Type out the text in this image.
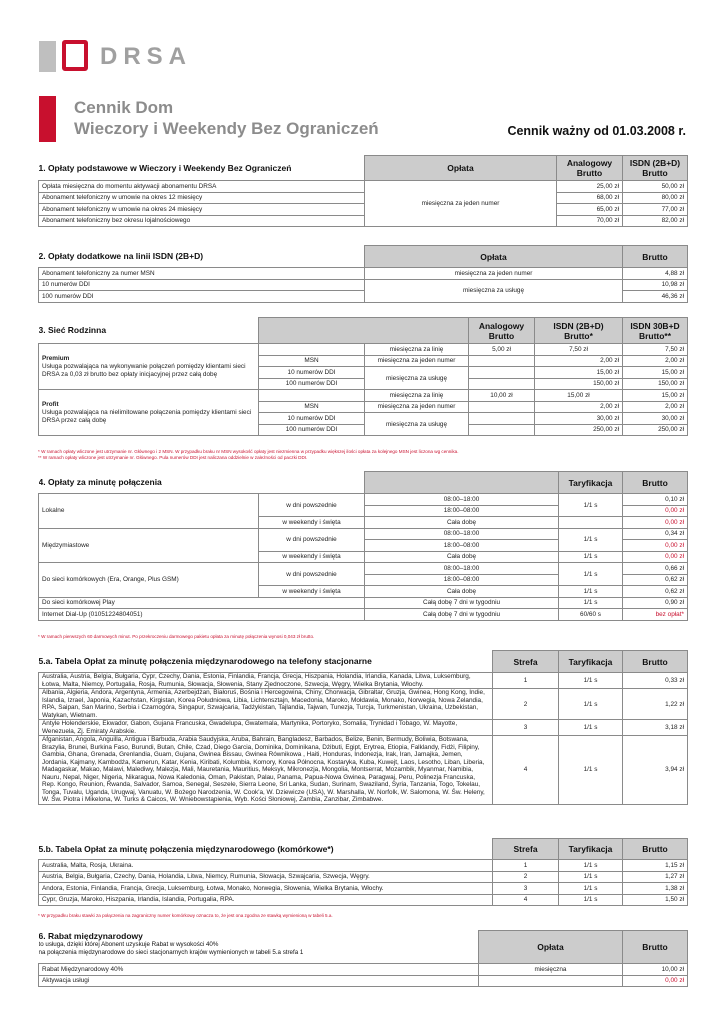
DRSA
Cennik Dom
Wieczory i Weekendy Bez Ograniczeń	Cennik ważny od 01.03.2008 r.
1. Opłaty podstawowe w Wieczory i Weekendy Bez Ograniczeń	Opłata	Analogowy Brutto	ISDN (2B+D) Brutto
Opłata miesięczna do momentu aktywacji abonamentu DRSA	miesięczna za jeden numer	25,00 zł	50,00 zł
Abonament telefoniczny w umowie na okres 12 miesięcy		68,00 zł	80,00 zł
Abonament telefoniczny w umowie na okres 24 miesięcy		65,00 zł	77,00 zł
Abonament telefoniczny bez okresu lojalnościowego		70,00 zł	82,00 zł
2. Opłaty dodatkowe na linii ISDN (2B+D)	Opłata	Brutto
Abonament telefoniczny za numer MSN	miesięczna za jeden numer	4,88 zł
10 numerów DDI	miesięczna za usługę	10,98 zł
100 numerów DDI		46,36 zł
3. Sieć Rodzinna			Analogowy Brutto	ISDN (2B+D) Brutto*	ISDN 30B+D Brutto**
Premium
Usługa pozwalająca na wykonywanie połączeń pomiędzy klientami sieci DRSA za 0,03 zł brutto bez opłaty inicjacyjnej przez całą dobę					
		miesięczna za linię	5,00 zł	7,50 zł	7,50 zł
	MSN	miesięczna za jeden numer		2,00 zł	2,00 zł
	10 numerów DDI	miesięczna za usługę		15,00 zł	15,00 zł
	100 numerów DDI			150,00 zł	150,00 zł
Profit
Usługa pozwalająca na nielimitowane połączenia pomiędzy klientami sieci DRSA przez całą dobę		miesięczna za linię	10,00 zł	15,00 zł	15,00 zł
	MSN	miesięczna za jeden numer		2,00 zł	2,00 zł
	10 numerów DDI	miesięczna za usługę		30,00 zł	30,00 zł
	100 numerów DDI			250,00 zł	250,00 zł
* W ramach opłaty wliczone jest utrzymanie nr. Głównego i 2 MSN. W przypadku braku nr MSN wysokość opłaty jest niezmienna w przypadku większej ilości opłata za kolejnego MSN jest liczona wg cennika.
** W ramach opłaty wliczone jest utrzymanie nr. Głównego. Pula numerów DDI jest naliczana oddzielnie w zależności od paczki DDI.
4. Opłaty za minutę połączenia			Taryfikacja	Brutto
Lokalne	w dni powszednie	08:00–18:00	1/1 s	0,10 zł
		18:00–08:00		0,00 zł
	w weekendy i święta	Cała dobę		0,00 zł
Międzymiastowe	w dni powszednie	08:00–18:00	1/1 s	0,34 zł
		18:00–08:00		0,00 zł
	w weekendy i święta	Cała dobę	1/1 s	0,00 zł
Do sieci komórkowych (Era, Orange, Plus GSM)	w dni powszednie	08:00–18:00	1/1 s	0,66 zł
		18:00–08:00		0,62 zł
	w weekendy i święta	Cała dobę	1/1 s	0,62 zł
Do sieci komórkowej Play		Całą dobę 7 dni w tygodniu	1/1 s	0,90 zł
Internet Dial-Up (01051224804051)		Całą dobę 7 dni w tygodniu	60/60 s	bez opłat*
* W ramach pierwszych 60 darmowych minut. Po przekroczeniu darmowego pakietu opłata za minutę połączenia wynosi 0,043 zł brutto.
5.a. Tabela Opłat za minutę połączenia międzynarodowego na telefony stacjonarne	Strefa	Taryfikacja	Brutto
Australia, Austria, Belgia, Bułgaria, Cypr, Czechy, Dania, Estonia, Finlandia, Francja, Grecja, Hiszpania, Holandia, Irlandia, Kanada, Litwa, Luksemburg, Łotwa, Malta, Niemcy, Portugalia, Rosja, Rumunia, Słowacja, Słowenia, Stany Zjednoczone, Szwecja, Węgry, Wielka Brytania, Włochy.	1	1/1 s	0,33 zł
Albania, Algieria, Andora, Argentyna, Armenia, Azerbejdżan, Białoruś, Bośnia i Hercegowina, Chiny, Chorwacja, Gibraltar, Gruzja, Gwinea, Hong Kong, Indie, Islandia, Izrael, Japonia, Kazachstan, Kirgistan, Korea Południowa, Libia, Lichtensztajn, Macedonia, Maroko, Mołdawia, Monako, Norwegia, Nowa Zelandia, RPA, Saipan, San Marino, Serbia i Czarnogóra, Singapur, Szwajcaria, Tadżykistan, Tajlandia, Tajwan, Tunezja, Turcja, Turkmenistan, Ukraina, Uzbekistan, Watykan, Wietnam.	2	1/1 s	1,22 zł
Antyle Holenderskie, Ekwador, Gabon, Gujana Francuska, Gwadelupa, Gwatemala, Martynika, Portoryko, Somalia, Trynidad i Tobago, W. Mayotte, Wenezuela, Zj. Emiraty Arabskie.	3	1/1 s	3,18 zł
Afganistan, Angola, Anguilla, Antigua i Barbuda, Arabia Saudyjska, Aruba, Bahrain, Bangladesz, Barbados, Belize, Benin, Bermudy, Boliwia, Botswana, Brazylia, Brunei, Burkina Faso, Burundi, Butan, Chile, Czad, Diego Garcia, Dominika, Dominikana, Dżibuti, Egipt, Erytrea, Etiopia, Falklandy, Fidżi, Filipiny, Gambia, Ghana, Grenada, Grenlandia, Guam, Gujana, Gwinea Bissau, Gwinea Równikowa , Haiti, Honduras, Indonezja, Irak, Iran, Jamajka, Jemen, Jordania, Kajmany, Kambodża, Kamerun, Katar, Kenia, Kiribati, Kolumbia, Komory, Korea Północna, Kostaryka, Kuba, Kuwejt, Laos, Lesotho, Liban, Liberia, Madagaskar, Makao, Malawi, Malediwy, Malezja, Mali, Mauretania, Mauritius, Meksyk, Mikronezja, Mongolia, Montserrat, Mozambik, Myanmar, Namibia, Nauru, Nepal, Niger, Nigeria, Nikaragua, Nowa Kaledonia, Oman, Pakistan, Palau, Panama, Papua-Nowa Gwinea, Paragwaj, Peru, Polinezja Francuska, Rep. Kongo, Reunion, Rwanda, Salvador, Samoa, Senegal, Seszele, Sierra Leone, Sri Lanka, Sudan, Surinam, Swaziland, Syria, Tanzania, Togo, Tokelau, Tonga, Tuvalu, Uganda, Urugwaj, Vanuatu, W. Bożego Narodzenia, W. Cook'a, W. Dziewicze (USA), W. Marshalla, W. Norfolk, W. Salomona, W. Św. Heleny, W. Św. Piotra i Mikelona, W. Turks & Caicos, W. Wniebowstąpienia, Wyb. Kości Słoniowej, Zambia, Zanzibar, Zimbabwe.	4	1/1 s	3,94 zł
5.b. Tabela Opłat za minutę połączenia międzynarodowego (komórkowe*)	Strefa	Taryfikacja	Brutto
Australia, Malta, Rosja, Ukraina.	1	1/1 s	1,15 zł
Austria, Belgia, Bułgaria, Czechy, Dania, Holandia, Litwa, Niemcy, Rumunia, Słowacja, Szwajcaria, Szwecja, Węgry.	2	1/1 s	1,27 zł
Andora, Estonia, Finlandia, Francja, Grecja, Luksemburg, Łotwa, Monako, Norwegia, Słowenia, Wielka Brytania, Włochy.	3	1/1 s	1,38 zł
Cypr, Gruzja, Maroko, Hiszpania, Irlandia, Islandia, Portugalia, RPA.	4	1/1 s	1,50 zł
* W przypadku braku stawki za połączenia na zagraniczny numer komórkowy oznacza to, że jest ona zgodna ze stawką wymienioną w tabeli 5.a.
6. Rabat międzynarodowy
to usługa, dzięki której Abonent uzyskuje Rabat w wysokości 40%
na połączenia międzynarodowe do sieci stacjonarnych krajów wymienionych w tabeli 5.a strefa 1	Opłata	Brutto
Rabat Międzynarodowy 40%	miesięczna	10,00 zł
Aktywacja usługi		0,00 zł
